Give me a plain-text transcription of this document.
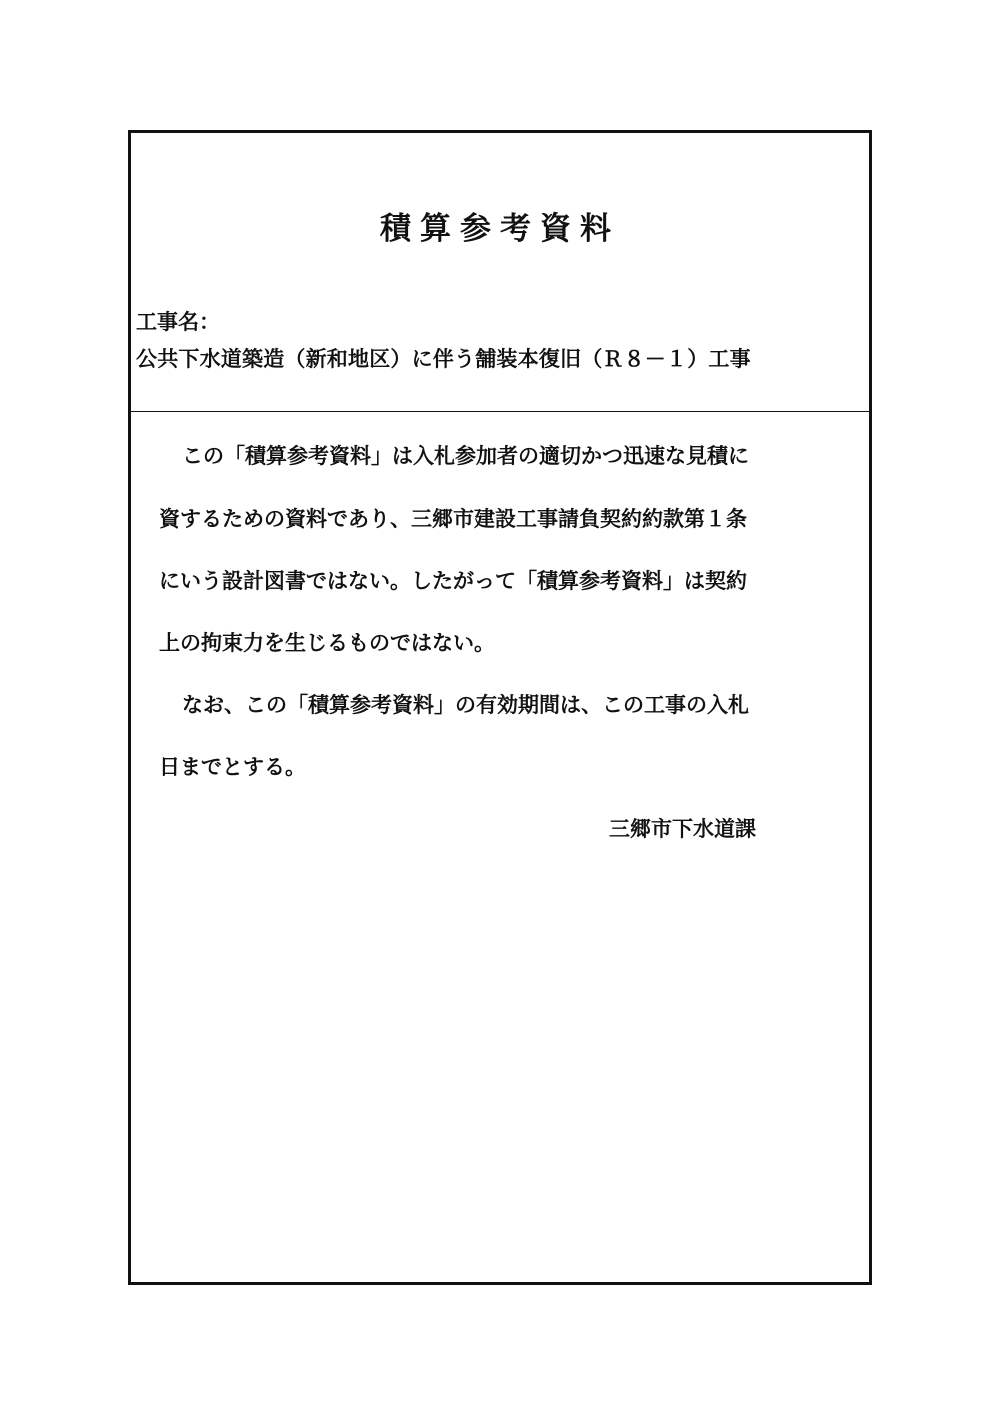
積算参考資料
工事名：
公共下水道築造（新和地区）に伴う舗装本復旧（Ｒ８－１）工事
この「積算参考資料」は入札参加者の適切かつ迅速な見積に
資するための資料であり、三郷市建設工事請負契約約款第１条
にいう設計図書ではない。したがって「積算参考資料」は契約
上の拘束力を生じるものではない。
なお、この「積算参考資料」の有効期間は、この工事の入札
日までとする。
三郷市下水道課
